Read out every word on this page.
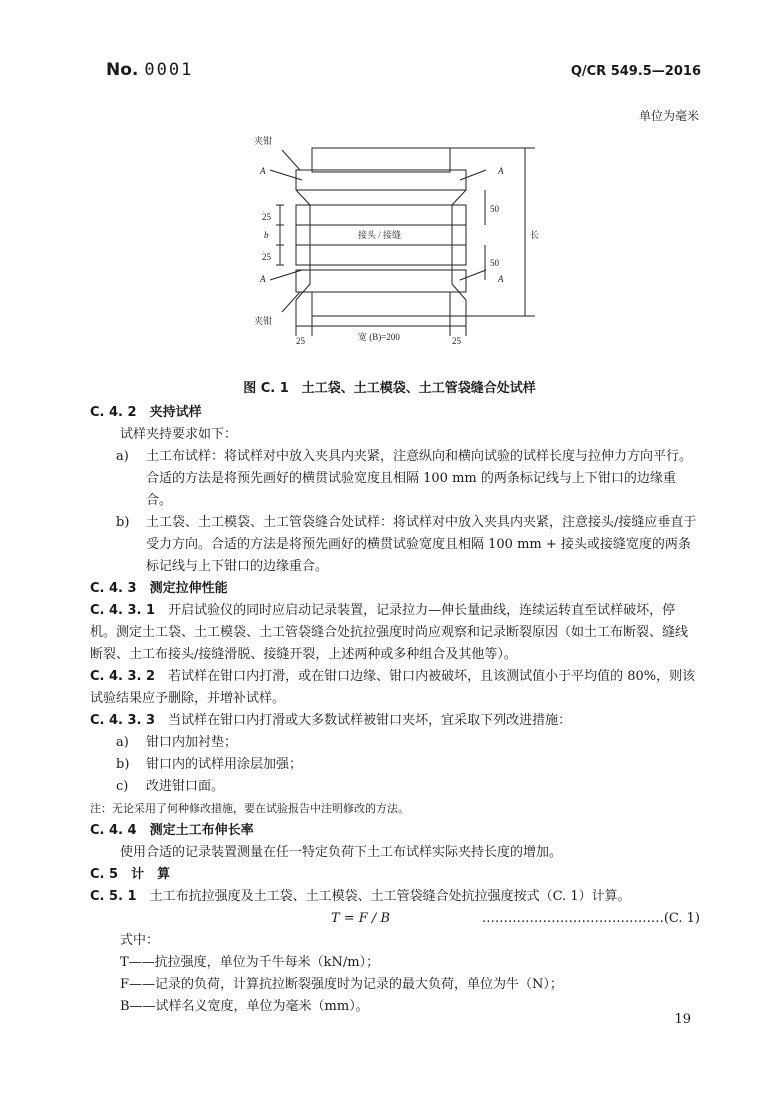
No. 0001	Q/CR 549.5—2016
单位为毫米
夹钳
A
A
A
A
夹钳
25
b
25
50
50
接头 / 接缝	长
25	宽 (B)=200	25
图 C. 1　土工袋、土工模袋、土工管袋缝合处试样

C. 4. 2　 夹持试样

试样夹持要求如下：

a)	土工布试样：将试样对中放入夹具内夹紧，注意纵向和横向试验的试样长度与拉伸力方向平行。合适的方法是将预先画好的横贯试验宽度且相隔 100 mm 的两条标记线与上下钳口的边缘重合。
b)	土工袋、土工模袋、土工管袋缝合处试样：将试样对中放入夹具内夹紧，注意接头/接缝应垂直于受力方向。合适的方法是将预先画好的横贯试验宽度且相隔 100 mm + 接头或接缝宽度的两条标记线与上下钳口的边缘重合。

C. 4. 3　 测定拉伸性能

C. 4. 3. 1　 开启试验仪的同时应启动记录装置，记录拉力—伸长量曲线，连续运转直至试样破坏，停机。测定土工袋、土工模袋、土工管袋缝合处抗拉强度时尚应观察和记录断裂原因（如土工布断裂、缝线断裂、土工布接头/接缝滑脱、接缝开裂，上述两种或多种组合及其他等）。

C. 4. 3. 2　 若试样在钳口内打滑，或在钳口边缘、钳口内被破坏，且该测试值小于平均值的 80%，则该试验结果应予删除，并增补试样。

C. 4. 3. 3　 当试样在钳口内打滑或大多数试样被钳口夹坏，宜采取下列改进措施：

a)	钳口内加衬垫；
b)	钳口内的试样用涂层加强；
c)	改进钳口面。

注：无论采用了何种修改措施，要在试验报告中注明修改的方法。

C. 4. 4　 测定土工布伸长率

使用合适的记录装置测量在任一特定负荷下土工布试样实际夹持长度的增加。

C. 5　 计　算

C. 5. 1　 土工布抗拉强度及土工袋、土工模袋、土工管袋缝合处抗拉强度按式（C. 1）计算。

T = F / B	……………………………………(C. 1)

式中：

T——抗拉强度，单位为千牛每米（kN/m）；

F——记录的负荷，计算抗拉断裂强度时为记录的最大负荷，单位为牛（N）；

B——试样名义宽度，单位为毫米（mm）。

19
